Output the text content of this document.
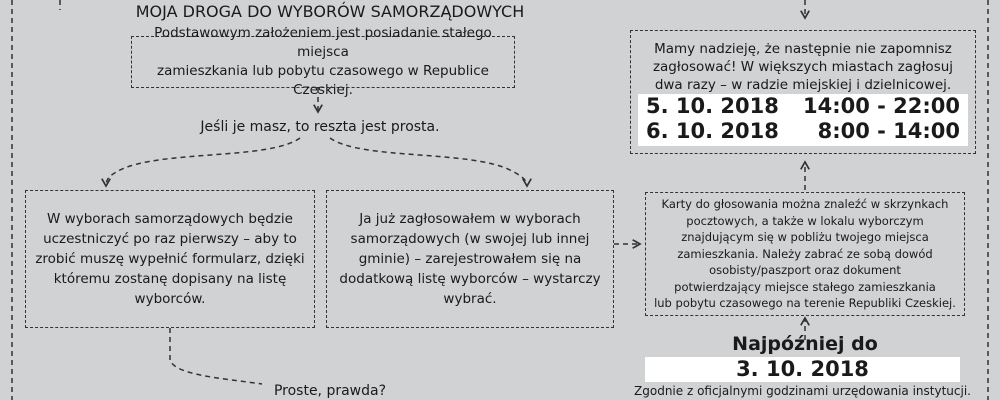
MOJA DROGA DO WYBORÓW SAMORZĄDOWYCH
Podstawowym założeniem jest posiadanie stałego miejsca
zamieszkania lub pobytu czasowego w Republice Czeskiej.
Jeśli je masz, to reszta jest prosta.
W wyborach samorządowych będzie
uczestniczyć po raz pierwszy – aby to
zrobić muszę wypełnić formularz, dzięki
któremu zostanę dopisany na listę
wyborców.
Ja już zagłosowałem w wyborach
samorządowych (w swojej lub innej
gminie) – zarejestrowałem się na
dodatkową listę wyborców – wystarczy
wybrać.
Proste, prawda?
Mamy nadzieję, że następnie nie zapomnisz
zagłosować! W większych miastach zagłosuj
dwa razy – w radzie miejskiej i dzielnicowej.
5. 10. 2018 14:00 - 22:00
6. 10. 2018 8:00 - 14:00
Karty do głosowania można znaleźć w skrzynkach
pocztowych, a także w lokalu wyborczym
znajdującym się w pobliżu twojego miejsca
zamieszkania. Należy zabrać ze sobą dowód
osobisty/paszport oraz dokument
potwierdzający miejsce stałego zamieszkania
lub pobytu czasowego na terenie Republiki Czeskiej.
Najpóźniej do
3. 10. 2018
Zgodnie z oficjalnymi godzinami urzędowania instytucji.
